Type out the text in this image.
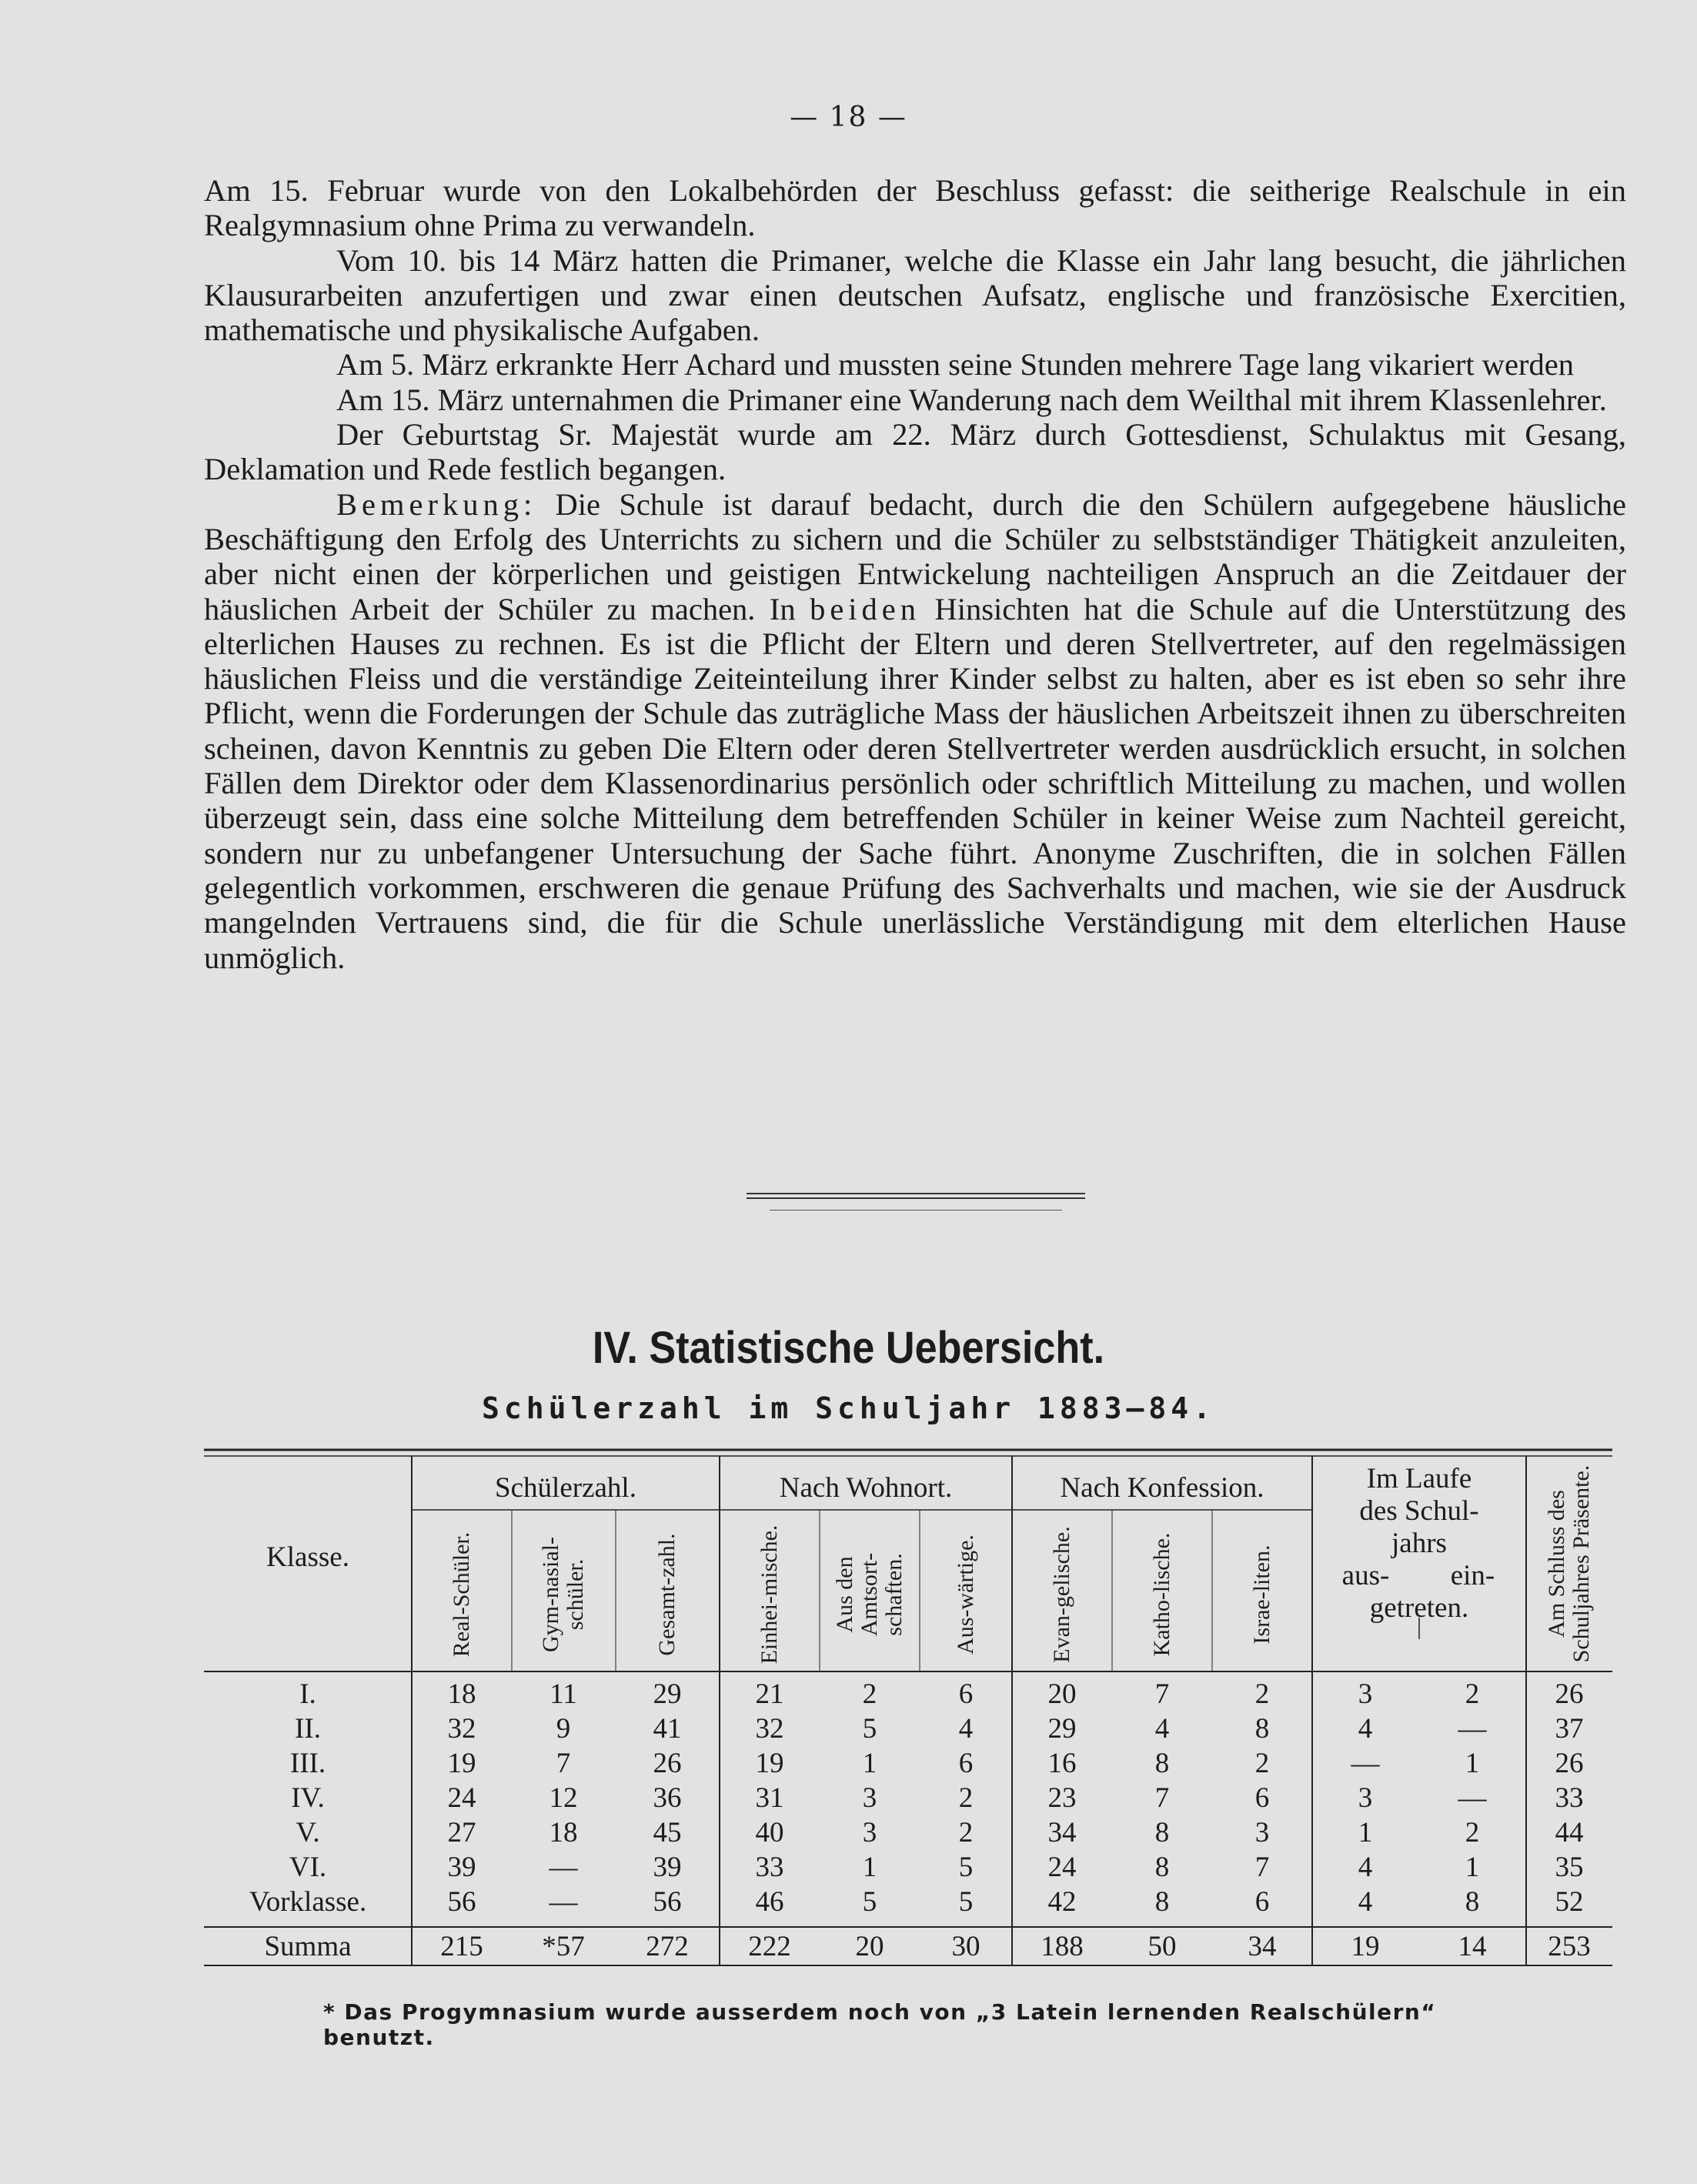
— 18 —

Am 15. Februar wurde von den Lokalbehörden der Beschluss gefasst: die seitherige Realschule in ein Realgymnasium ohne Prima zu verwandeln.

Vom 10. bis 14 März hatten die Primaner, welche die Klasse ein Jahr lang besucht, die jährlichen Klausurarbeiten anzufertigen und zwar einen deutschen Aufsatz, englische und französische Exercitien, mathematische und physikalische Aufgaben.

Am 5. März erkrankte Herr Achard und mussten seine Stunden mehrere Tage lang vikariert werden

Am 15. März unternahmen die Primaner eine Wanderung nach dem Weilthal mit ihrem Klassenlehrer.

Der Geburtstag Sr. Majestät wurde am 22. März durch Gottesdienst, Schulaktus mit Gesang, Deklamation und Rede festlich begangen.

Bemerkung: Die Schule ist darauf bedacht, durch die den Schülern aufgegebene häusliche Beschäftigung den Erfolg des Unterrichts zu sichern und die Schüler zu selbstständiger Thätigkeit anzuleiten, aber nicht einen der körperlichen und geistigen Entwickelung nachteiligen Anspruch an die Zeitdauer der häuslichen Arbeit der Schüler zu machen. In beiden Hinsichten hat die Schule auf die Unterstützung des elterlichen Hauses zu rechnen. Es ist die Pflicht der Eltern und deren Stellvertreter, auf den regelmässigen häuslichen Fleiss und die verständige Zeiteinteilung ihrer Kinder selbst zu halten, aber es ist eben so sehr ihre Pflicht, wenn die Forderungen der Schule das zuträgliche Mass der häuslichen Arbeitszeit ihnen zu überschreiten scheinen, davon Kenntnis zu geben Die Eltern oder deren Stellvertreter werden ausdrücklich ersucht, in solchen Fällen dem Direktor oder dem Klassenordinarius persönlich oder schriftlich Mitteilung zu machen, und wollen überzeugt sein, dass eine solche Mitteilung dem betreffenden Schüler in keiner Weise zum Nachteil gereicht, sondern nur zu unbefangener Untersuchung der Sache führt. Anonyme Zuschriften, die in solchen Fällen gelegentlich vorkommen, erschweren die genaue Prüfung des Sachverhalts und machen, wie sie der Ausdruck mangelnden Vertrauens sind, die für die Schule unerlässliche Verständigung mit dem elterlichen Hause unmöglich.

IV. Statistische Uebersicht.
Schülerzahl im Schuljahr 1883–84.
Klasse.
Schülerzahl.	Nach Wohnort.	Nach Konfession.	Im Laufe
des Schul-
jahrs
aus-	ein-
getreten.	Am Schluss des Schuljahres Präsente.
Real-Schüler.	Gym-nasial-schüler.	Gesamt-zahl.	Einhei-mische.	Aus den Amtsort-schaften.	Aus-wärtige.	Evan-gelische.	Katho-lische.	Israe-liten.
I.	18	11	29	21	2	6	20	7	2	3	2	26
II.	32	9	41	32	5	4	29	4	8	4	—	37
III.	19	7	26	19	1	6	16	8	2	—	1	26
IV.	24	12	36	31	3	2	23	7	6	3	—	33
V.	27	18	45	40	3	2	34	8	3	1	2	44
VI.	39	—	39	33	1	5	24	8	7	4	1	35
Vorklasse.	56	—	56	46	5	5	42	8	6	4	8	52
Summa	215	*57	272	222	20	30	188	50	34	19	14	253
* Das Progymnasium wurde ausserdem noch von „3 Latein lernenden Realschülern“ benutzt.
